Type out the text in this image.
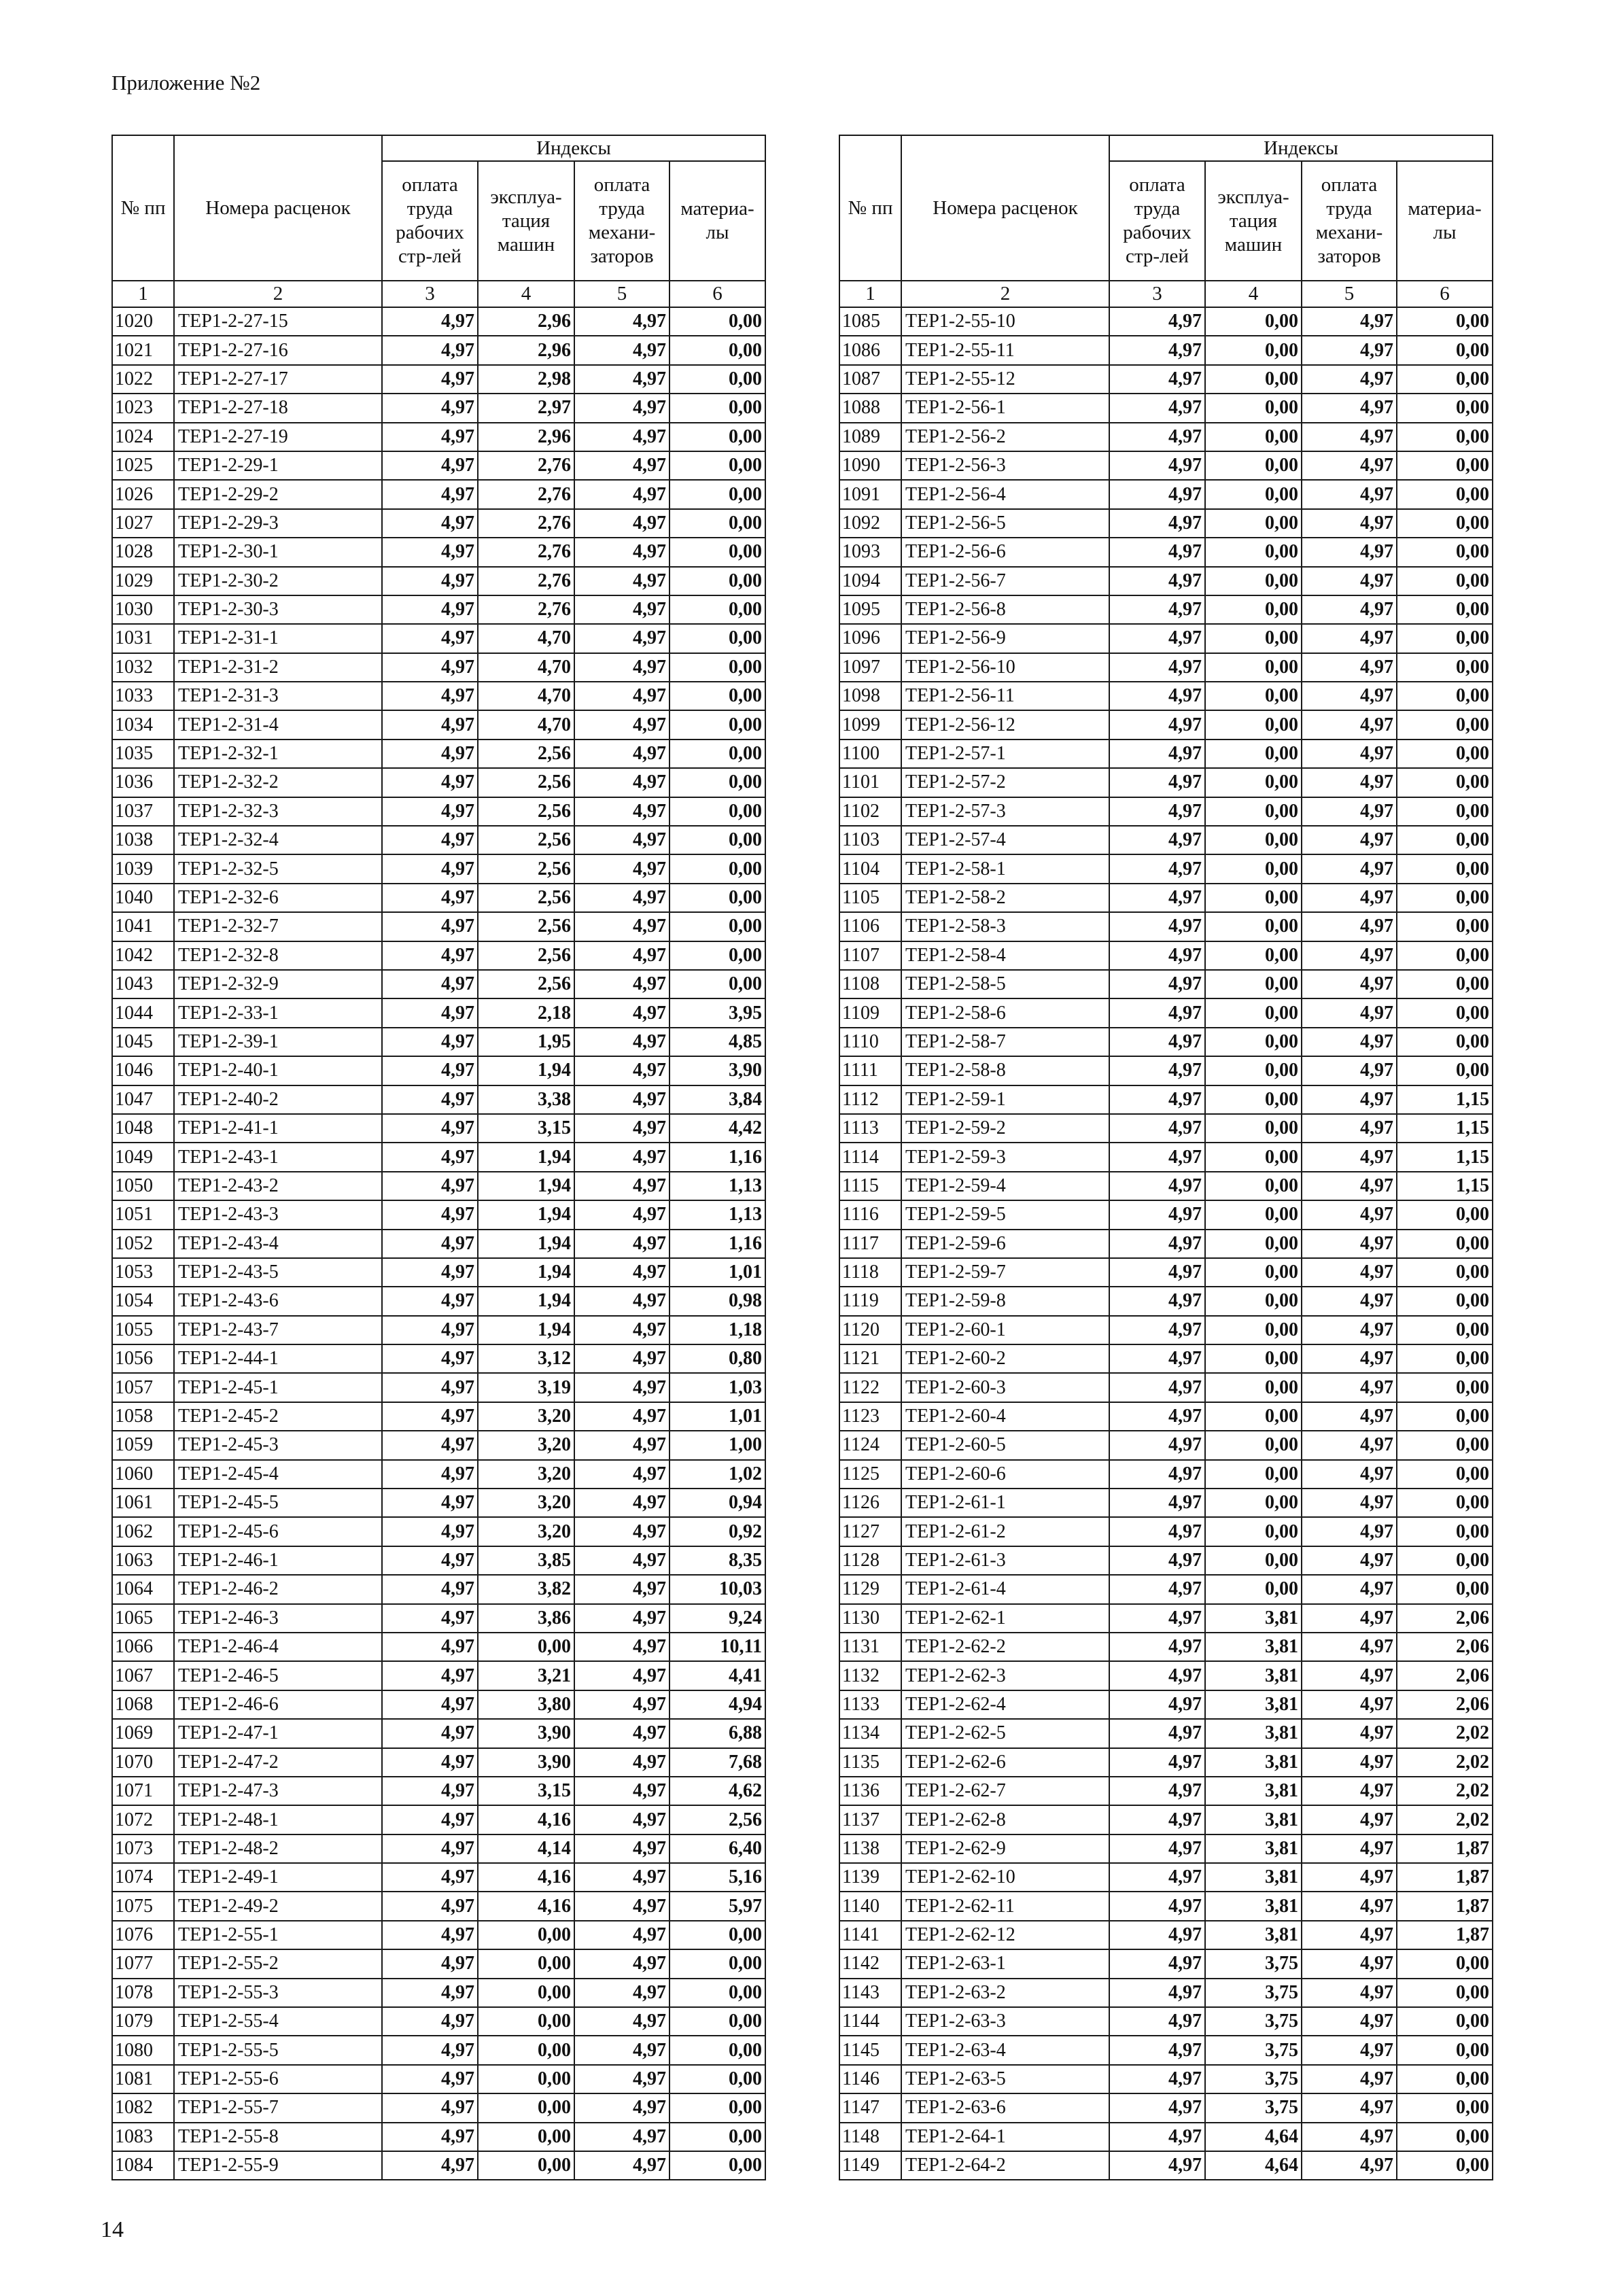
Приложение №2
№ пп	Номера расценок	Индексы			
		оплата труда рабочих стр-лей	эксплуа-тация машин	оплата труда механи-заторов	материа-лы
1	2	3	4	5	6
1020	ТЕР1-2-27-15	4,97	2,96	4,97	0,00
1021	ТЕР1-2-27-16	4,97	2,96	4,97	0,00
1022	ТЕР1-2-27-17	4,97	2,98	4,97	0,00
1023	ТЕР1-2-27-18	4,97	2,97	4,97	0,00
1024	ТЕР1-2-27-19	4,97	2,96	4,97	0,00
1025	ТЕР1-2-29-1	4,97	2,76	4,97	0,00
1026	ТЕР1-2-29-2	4,97	2,76	4,97	0,00
1027	ТЕР1-2-29-3	4,97	2,76	4,97	0,00
1028	ТЕР1-2-30-1	4,97	2,76	4,97	0,00
1029	ТЕР1-2-30-2	4,97	2,76	4,97	0,00
1030	ТЕР1-2-30-3	4,97	2,76	4,97	0,00
1031	ТЕР1-2-31-1	4,97	4,70	4,97	0,00
1032	ТЕР1-2-31-2	4,97	4,70	4,97	0,00
1033	ТЕР1-2-31-3	4,97	4,70	4,97	0,00
1034	ТЕР1-2-31-4	4,97	4,70	4,97	0,00
1035	ТЕР1-2-32-1	4,97	2,56	4,97	0,00
1036	ТЕР1-2-32-2	4,97	2,56	4,97	0,00
1037	ТЕР1-2-32-3	4,97	2,56	4,97	0,00
1038	ТЕР1-2-32-4	4,97	2,56	4,97	0,00
1039	ТЕР1-2-32-5	4,97	2,56	4,97	0,00
1040	ТЕР1-2-32-6	4,97	2,56	4,97	0,00
1041	ТЕР1-2-32-7	4,97	2,56	4,97	0,00
1042	ТЕР1-2-32-8	4,97	2,56	4,97	0,00
1043	ТЕР1-2-32-9	4,97	2,56	4,97	0,00
1044	ТЕР1-2-33-1	4,97	2,18	4,97	3,95
1045	ТЕР1-2-39-1	4,97	1,95	4,97	4,85
1046	ТЕР1-2-40-1	4,97	1,94	4,97	3,90
1047	ТЕР1-2-40-2	4,97	3,38	4,97	3,84
1048	ТЕР1-2-41-1	4,97	3,15	4,97	4,42
1049	ТЕР1-2-43-1	4,97	1,94	4,97	1,16
1050	ТЕР1-2-43-2	4,97	1,94	4,97	1,13
1051	ТЕР1-2-43-3	4,97	1,94	4,97	1,13
1052	ТЕР1-2-43-4	4,97	1,94	4,97	1,16
1053	ТЕР1-2-43-5	4,97	1,94	4,97	1,01
1054	ТЕР1-2-43-6	4,97	1,94	4,97	0,98
1055	ТЕР1-2-43-7	4,97	1,94	4,97	1,18
1056	ТЕР1-2-44-1	4,97	3,12	4,97	0,80
1057	ТЕР1-2-45-1	4,97	3,19	4,97	1,03
1058	ТЕР1-2-45-2	4,97	3,20	4,97	1,01
1059	ТЕР1-2-45-3	4,97	3,20	4,97	1,00
1060	ТЕР1-2-45-4	4,97	3,20	4,97	1,02
1061	ТЕР1-2-45-5	4,97	3,20	4,97	0,94
1062	ТЕР1-2-45-6	4,97	3,20	4,97	0,92
1063	ТЕР1-2-46-1	4,97	3,85	4,97	8,35
1064	ТЕР1-2-46-2	4,97	3,82	4,97	10,03
1065	ТЕР1-2-46-3	4,97	3,86	4,97	9,24
1066	ТЕР1-2-46-4	4,97	0,00	4,97	10,11
1067	ТЕР1-2-46-5	4,97	3,21	4,97	4,41
1068	ТЕР1-2-46-6	4,97	3,80	4,97	4,94
1069	ТЕР1-2-47-1	4,97	3,90	4,97	6,88
1070	ТЕР1-2-47-2	4,97	3,90	4,97	7,68
1071	ТЕР1-2-47-3	4,97	3,15	4,97	4,62
1072	ТЕР1-2-48-1	4,97	4,16	4,97	2,56
1073	ТЕР1-2-48-2	4,97	4,14	4,97	6,40
1074	ТЕР1-2-49-1	4,97	4,16	4,97	5,16
1075	ТЕР1-2-49-2	4,97	4,16	4,97	5,97
1076	ТЕР1-2-55-1	4,97	0,00	4,97	0,00
1077	ТЕР1-2-55-2	4,97	0,00	4,97	0,00
1078	ТЕР1-2-55-3	4,97	0,00	4,97	0,00
1079	ТЕР1-2-55-4	4,97	0,00	4,97	0,00
1080	ТЕР1-2-55-5	4,97	0,00	4,97	0,00
1081	ТЕР1-2-55-6	4,97	0,00	4,97	0,00
1082	ТЕР1-2-55-7	4,97	0,00	4,97	0,00
1083	ТЕР1-2-55-8	4,97	0,00	4,97	0,00
1084	ТЕР1-2-55-9	4,97	0,00	4,97	0,00
№ пп	Номера расценок	Индексы			
		оплата труда рабочих стр-лей	эксплуа-тация машин	оплата труда механи-заторов	материа-лы
1	2	3	4	5	6
1085	ТЕР1-2-55-10	4,97	0,00	4,97	0,00
1086	ТЕР1-2-55-11	4,97	0,00	4,97	0,00
1087	ТЕР1-2-55-12	4,97	0,00	4,97	0,00
1088	ТЕР1-2-56-1	4,97	0,00	4,97	0,00
1089	ТЕР1-2-56-2	4,97	0,00	4,97	0,00
1090	ТЕР1-2-56-3	4,97	0,00	4,97	0,00
1091	ТЕР1-2-56-4	4,97	0,00	4,97	0,00
1092	ТЕР1-2-56-5	4,97	0,00	4,97	0,00
1093	ТЕР1-2-56-6	4,97	0,00	4,97	0,00
1094	ТЕР1-2-56-7	4,97	0,00	4,97	0,00
1095	ТЕР1-2-56-8	4,97	0,00	4,97	0,00
1096	ТЕР1-2-56-9	4,97	0,00	4,97	0,00
1097	ТЕР1-2-56-10	4,97	0,00	4,97	0,00
1098	ТЕР1-2-56-11	4,97	0,00	4,97	0,00
1099	ТЕР1-2-56-12	4,97	0,00	4,97	0,00
1100	ТЕР1-2-57-1	4,97	0,00	4,97	0,00
1101	ТЕР1-2-57-2	4,97	0,00	4,97	0,00
1102	ТЕР1-2-57-3	4,97	0,00	4,97	0,00
1103	ТЕР1-2-57-4	4,97	0,00	4,97	0,00
1104	ТЕР1-2-58-1	4,97	0,00	4,97	0,00
1105	ТЕР1-2-58-2	4,97	0,00	4,97	0,00
1106	ТЕР1-2-58-3	4,97	0,00	4,97	0,00
1107	ТЕР1-2-58-4	4,97	0,00	4,97	0,00
1108	ТЕР1-2-58-5	4,97	0,00	4,97	0,00
1109	ТЕР1-2-58-6	4,97	0,00	4,97	0,00
1110	ТЕР1-2-58-7	4,97	0,00	4,97	0,00
1111	ТЕР1-2-58-8	4,97	0,00	4,97	0,00
1112	ТЕР1-2-59-1	4,97	0,00	4,97	1,15
1113	ТЕР1-2-59-2	4,97	0,00	4,97	1,15
1114	ТЕР1-2-59-3	4,97	0,00	4,97	1,15
1115	ТЕР1-2-59-4	4,97	0,00	4,97	1,15
1116	ТЕР1-2-59-5	4,97	0,00	4,97	0,00
1117	ТЕР1-2-59-6	4,97	0,00	4,97	0,00
1118	ТЕР1-2-59-7	4,97	0,00	4,97	0,00
1119	ТЕР1-2-59-8	4,97	0,00	4,97	0,00
1120	ТЕР1-2-60-1	4,97	0,00	4,97	0,00
1121	ТЕР1-2-60-2	4,97	0,00	4,97	0,00
1122	ТЕР1-2-60-3	4,97	0,00	4,97	0,00
1123	ТЕР1-2-60-4	4,97	0,00	4,97	0,00
1124	ТЕР1-2-60-5	4,97	0,00	4,97	0,00
1125	ТЕР1-2-60-6	4,97	0,00	4,97	0,00
1126	ТЕР1-2-61-1	4,97	0,00	4,97	0,00
1127	ТЕР1-2-61-2	4,97	0,00	4,97	0,00
1128	ТЕР1-2-61-3	4,97	0,00	4,97	0,00
1129	ТЕР1-2-61-4	4,97	0,00	4,97	0,00
1130	ТЕР1-2-62-1	4,97	3,81	4,97	2,06
1131	ТЕР1-2-62-2	4,97	3,81	4,97	2,06
1132	ТЕР1-2-62-3	4,97	3,81	4,97	2,06
1133	ТЕР1-2-62-4	4,97	3,81	4,97	2,06
1134	ТЕР1-2-62-5	4,97	3,81	4,97	2,02
1135	ТЕР1-2-62-6	4,97	3,81	4,97	2,02
1136	ТЕР1-2-62-7	4,97	3,81	4,97	2,02
1137	ТЕР1-2-62-8	4,97	3,81	4,97	2,02
1138	ТЕР1-2-62-9	4,97	3,81	4,97	1,87
1139	ТЕР1-2-62-10	4,97	3,81	4,97	1,87
1140	ТЕР1-2-62-11	4,97	3,81	4,97	1,87
1141	ТЕР1-2-62-12	4,97	3,81	4,97	1,87
1142	ТЕР1-2-63-1	4,97	3,75	4,97	0,00
1143	ТЕР1-2-63-2	4,97	3,75	4,97	0,00
1144	ТЕР1-2-63-3	4,97	3,75	4,97	0,00
1145	ТЕР1-2-63-4	4,97	3,75	4,97	0,00
1146	ТЕР1-2-63-5	4,97	3,75	4,97	0,00
1147	ТЕР1-2-63-6	4,97	3,75	4,97	0,00
1148	ТЕР1-2-64-1	4,97	4,64	4,97	0,00
1149	ТЕР1-2-64-2	4,97	4,64	4,97	0,00
14
